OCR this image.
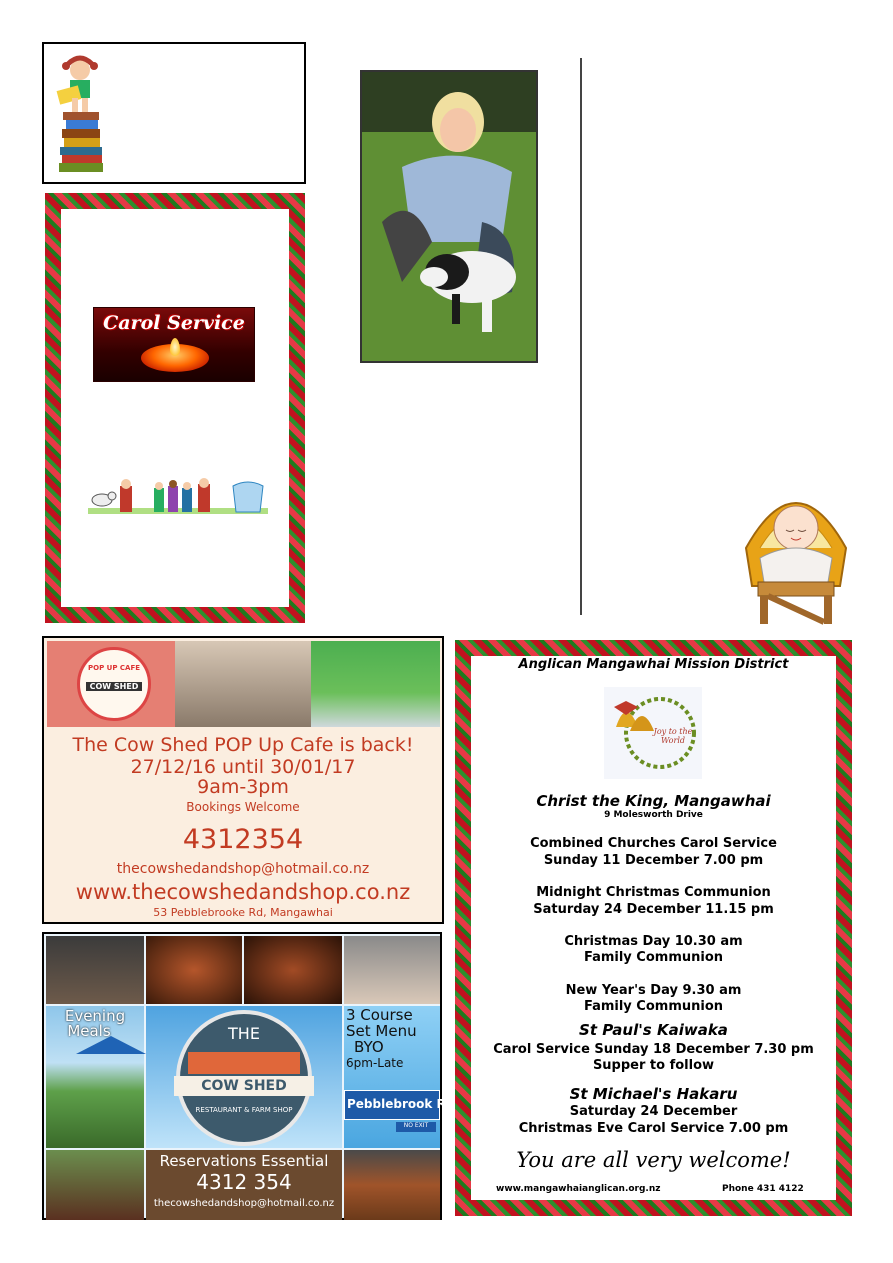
Carol Service
POP UP CAFE
COW SHED
The Cow Shed POP Up Cafe is back!
27/12/16 until 30/01/17
9am-3pm
Bookings Welcome
4312354
thecowshedandshop@hotmail.co.nz
www.thecowshedandshop.co.nz
53 Pebblebrooke Rd, Mangawhai
Evening
Meals	THE
COW SHED
RESTAURANT & FARM SHOP
3 Course
Set Menu
BYO
6pm-Late
Pebblebrook Rd
NO EXIT
Reservations Essential
4312 354
thecowshedandshop@hotmail.co.nz
Anglican Mangawhai Mission District
Joy to the World
Christ the King, Mangawhai
9 Molesworth Drive
Combined Churches Carol Service
Sunday 11 December 7.00 pm
Midnight Christmas Communion
Saturday 24 December 11.15 pm
Christmas Day 10.30 am
Family Communion
New Year's Day 9.30 am
Family Communion
St Paul's Kaiwaka
Carol Service Sunday 18 December 7.30 pm
Supper to follow
St Michael's Hakaru
Saturday 24 December
Christmas Eve Carol Service 7.00 pm
You are all very welcome!
www.mangawhaianglican.org.nz	Phone 431 4122
